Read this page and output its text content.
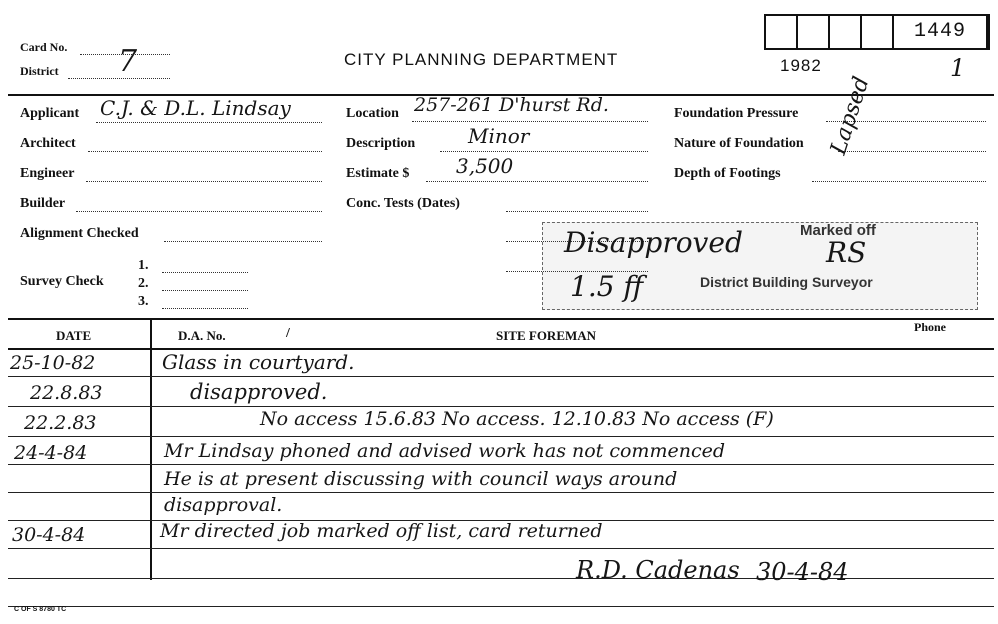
Card No.
District 7	CITY PLANNING DEPARTMENT	1982
1449
1
Applicant C.J. & D.L. Lindsay
Architect
Engineer
Builder
Alignment Checked
Survey Check
1.
2.
3.
Location 257-261 D'hurst Rd.
Description	Minor
Estimate $ 3,500
Conc. Tests (Dates)
Foundation Pressure
Nature of Foundation
Depth of Footings
Lapsed
Disapproved	Marked off
RS
1.5 ff	District Building Surveyor
DATE	D.A. No.	/	SITE FOREMAN
Phone
25-10-82	Glass in courtyard.
22.8.83	disapproved.
22.2.83	No access 15.6.83 No access. 12.10.83 No access (F)
24-4-84	Mr Lindsay phoned and advised work has not commenced
He is at present discussing with council ways around
disapproval.
30-4-84	Mr directed job marked off list, card returned
R.D. Cadenas 30-4-84
C OF S 8780 TC
